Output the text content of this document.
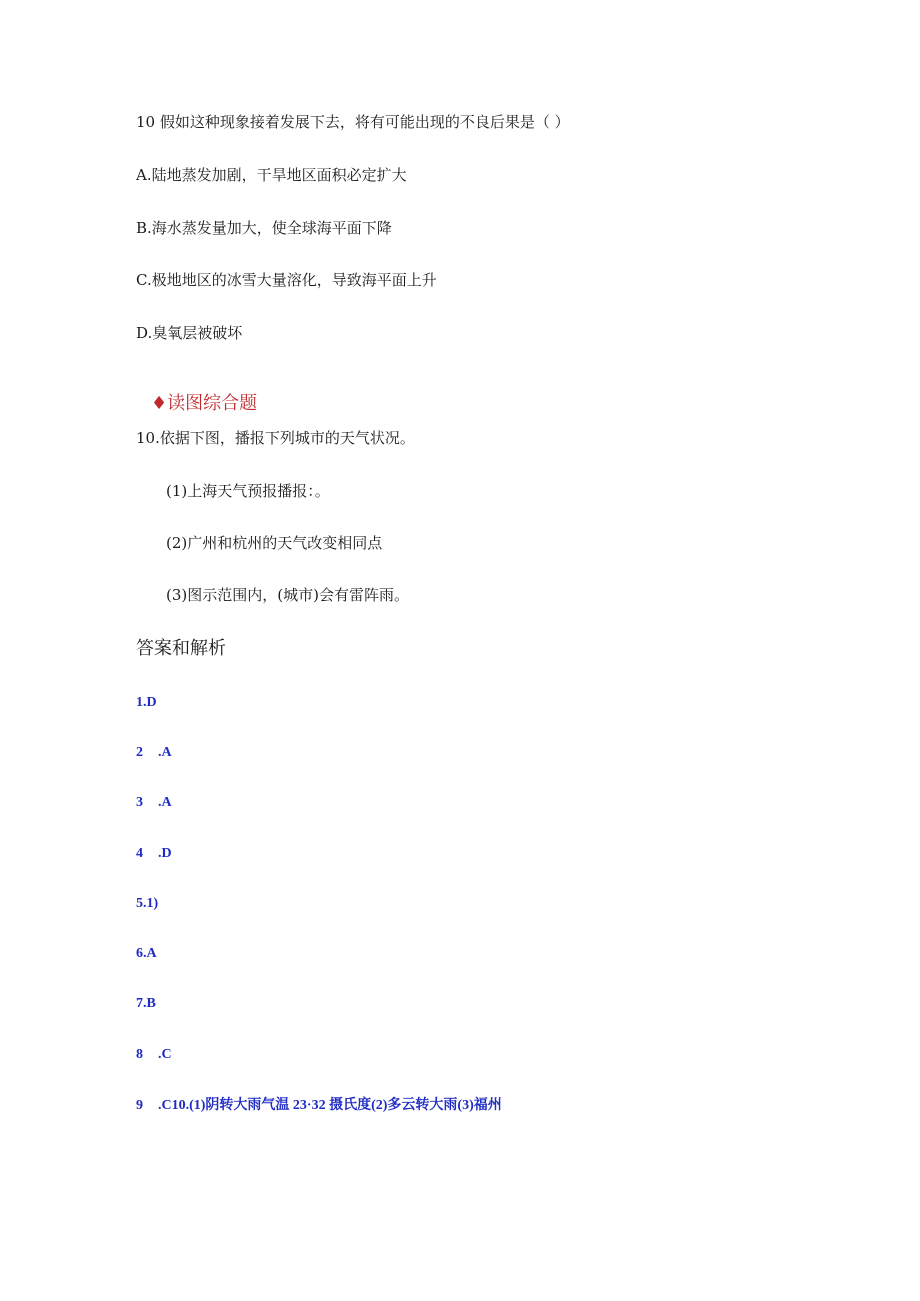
10 假如这种现象接着发展下去，将有可能出现的不良后果是（ ）
A.陆地蒸发加剧，干旱地区面积必定扩大
B.海水蒸发量加大，使全球海平面下降
C.极地地区的冰雪大量溶化，导致海平面上升
D.臭氧层被破坏
♦读图综合题
10.依据下图，播报下列城市的天气状况。
(1)上海天气预报播报：。
(2)广州和杭州的天气改变相同点
(3)图示范围内，(城市)会有雷阵雨。
答案和解析
1.D
2 .A
3 .A
4 .D
5.1)
6.A
7.B
8 .C
9 .C10.(1)阴转大雨气温 23·32 摄氏度(2)多云转大雨(3)福州
